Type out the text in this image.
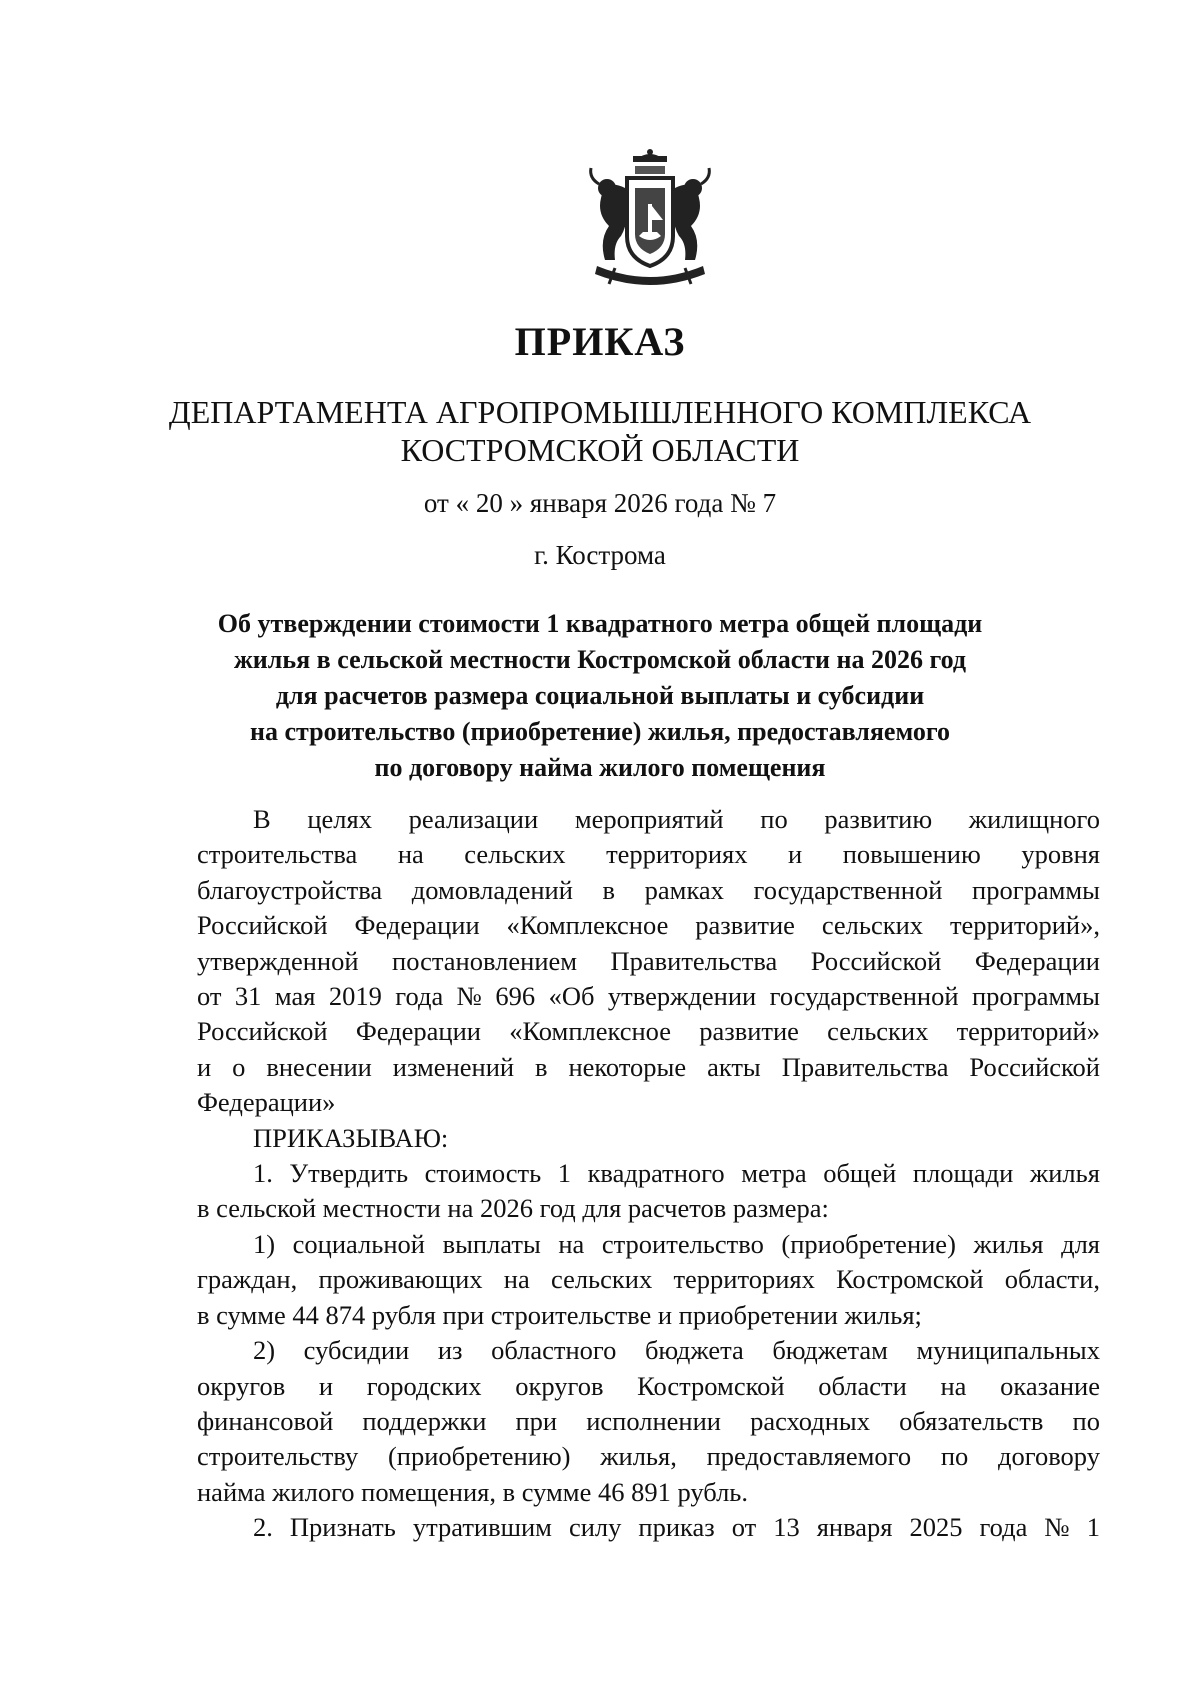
ПРИКАЗ
ДЕПАРТАМЕНТА АГРОПРОМЫШЛЕННОГО КОМПЛЕКСА
КОСТРОМСКОЙ ОБЛАСТИ
от « 20 » января 2026 года № 7
г. Кострома
Об утверждении стоимости 1 квадратного метра общей площади
жилья в сельской местности Костромской области на 2026 год
для расчетов размера социальной выплаты и субсидии
на строительство (приобретение) жилья, предоставляемого
по договору найма жилого помещения
В целях реализации мероприятий по развитию жилищного
строительства на сельских территориях и повышению уровня
благоустройства домовладений в рамках государственной программы
Российской Федерации «Комплексное развитие сельских территорий»,
утвержденной постановлением Правительства Российской Федерации
от 31 мая 2019 года № 696 «Об утверждении государственной программы
Российской Федерации «Комплексное развитие сельских территорий»
и о внесении изменений в некоторые акты Правительства Российской
Федерации»
ПРИКАЗЫВАЮ:
1. Утвердить стоимость 1 квадратного метра общей площади жилья
в сельской местности на 2026 год для расчетов размера:
1) социальной выплаты на строительство (приобретение) жилья для
граждан, проживающих на сельских территориях Костромской области,
в сумме 44 874 рубля при строительстве и приобретении жилья;
2) субсидии из областного бюджета бюджетам муниципальных
округов и городских округов Костромской области на оказание
финансовой поддержки при исполнении расходных обязательств по
строительству (приобретению) жилья, предоставляемого по договору
найма жилого помещения, в сумме 46 891 рубль.
2. Признать утратившим силу приказ от 13 января 2025 года № 1
